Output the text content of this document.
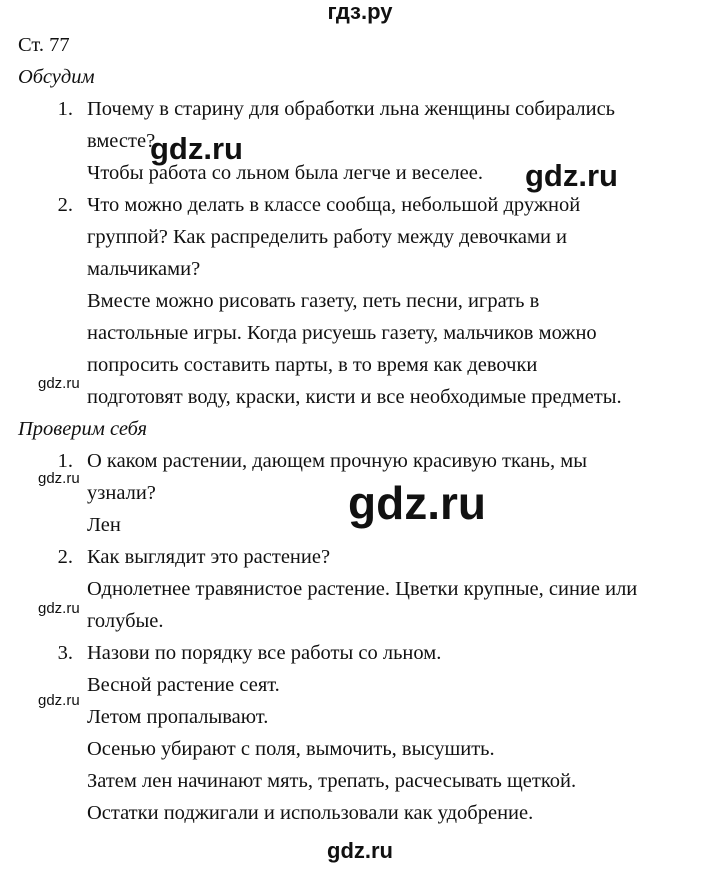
гдз.ру
Ст. 77
Обсудим
1. Почему в старину для обработки льна женщины собирались
вместе?
Чтобы работа со льном была легче и веселее.
2. Что можно делать в классе сообща, небольшой дружной
группой? Как распределить работу между девочками и
мальчиками?
Вместе можно рисовать газету, петь песни, играть в
настольные игры. Когда рисуешь газету, мальчиков можно
попросить составить парты, в то время как девочки
подготовят воду, краски, кисти и все необходимые предметы.
Проверим себя
1. О каком растении, дающем прочную красивую ткань, мы
узнали?
Лен
2. Как выглядит это растение?
Однолетнее травянистое растение. Цветки крупные, синие или
голубые.
3. Назови по порядку все работы со льном.
Весной растение сеят.
Летом пропалывают.
Осенью убирают с поля, вымочить, высушить.
Затем лен начинают мять, трепать, расчесывать щеткой.
Остатки поджигали и использовали как удобрение.
gdz.ru
gdz.ru
gdz.ru
gdz.ru
gdz.ru
gdz.ru
gdz.ru
gdz.ru
